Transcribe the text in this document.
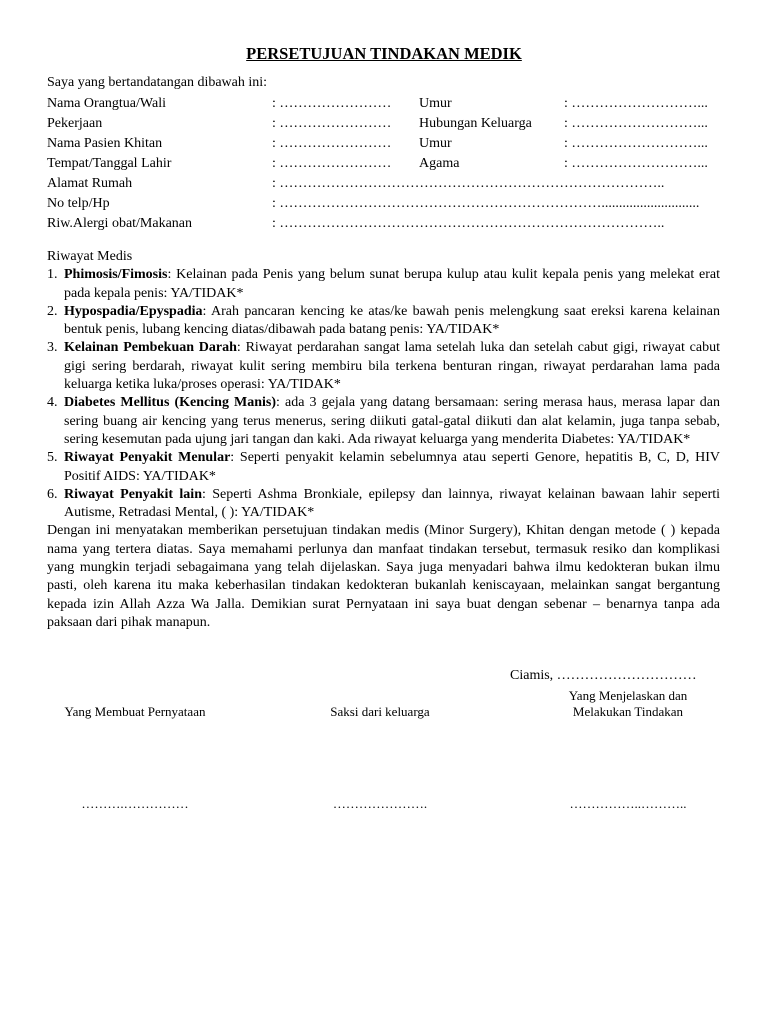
PERSETUJUAN TINDAKAN MEDIK
Saya yang bertandatangan dibawah ini:
Nama Orangtua/Wali	: …………………… Umur	: ………………………...
Pekerjaan	: …………………… Hubungan Keluarga : ………………………...
Nama Pasien Khitan	: …………………… Umur	: ………………………...
Tempat/Tanggal Lahir	: …………………… Agama	: ………………………...
Alamat Rumah	: ………………………………………………………………………..
No telp/Hp	: ……………………………………………………………............................
Riw.Alergi obat/Makanan	: ………………………………………………………………………..
Riwayat Medis
1. Phimosis/Fimosis: Kelainan pada Penis yang belum sunat berupa kulup atau kulit kepala penis yang melekat erat pada kepala penis: YA/TIDAK*
2. Hypospadia/Epyspadia: Arah pancaran kencing ke atas/ke bawah penis melengkung saat ereksi karena kelainan bentuk penis, lubang kencing diatas/dibawah pada batang penis: YA/TIDAK*
3. Kelainan Pembekuan Darah: Riwayat perdarahan sangat lama setelah luka dan setelah cabut gigi, riwayat cabut gigi sering berdarah, riwayat kulit sering membiru bila terkena benturan ringan, riwayat perdarahan lama pada keluarga ketika luka/proses operasi: YA/TIDAK*
4. Diabetes Mellitus (Kencing Manis): ada 3 gejala yang datang bersamaan: sering merasa haus, merasa lapar dan sering buang air kencing yang terus menerus, sering diikuti gatal-gatal diikuti dan alat kelamin, juga tanpa sebab, sering kesemutan pada ujung jari tangan dan kaki. Ada riwayat keluarga yang menderita Diabetes: YA/TIDAK*
5. Riwayat Penyakit Menular: Seperti penyakit kelamin sebelumnya atau seperti Genore, hepatitis B, C, D, HIV Positif AIDS: YA/TIDAK*
6. Riwayat Penyakit lain: Seperti Ashma Bronkiale, epilepsy dan lainnya, riwayat kelainan bawaan lahir seperti Autisme, Retradasi Mental, ( ): YA/TIDAK*

Dengan ini menyatakan memberikan persetujuan tindakan medis (Minor Surgery), Khitan dengan metode ( ) kepada nama yang tertera diatas. Saya memahami perlunya dan manfaat tindakan tersebut, termasuk resiko dan komplikasi yang mungkin terjadi sebagaimana yang telah dijelaskan. Saya juga menyadari bahwa ilmu kedokteran bukan ilmu pasti, oleh karena itu maka keberhasilan tindakan kedokteran bukanlah keniscayaan, melainkan sangat bergantung kepada izin Allah Azza Wa Jalla. Demikian surat Pernyataan ini saya buat dengan sebenar – benarnya tanpa ada paksaan dari pihak manapun.

Ciamis, …………………………
Yang Membuat Pernyataan
……….……………
Saksi dari keluarga
………………….
Yang Menjelaskan dan
Melakukan Tindakan
……………..………..
